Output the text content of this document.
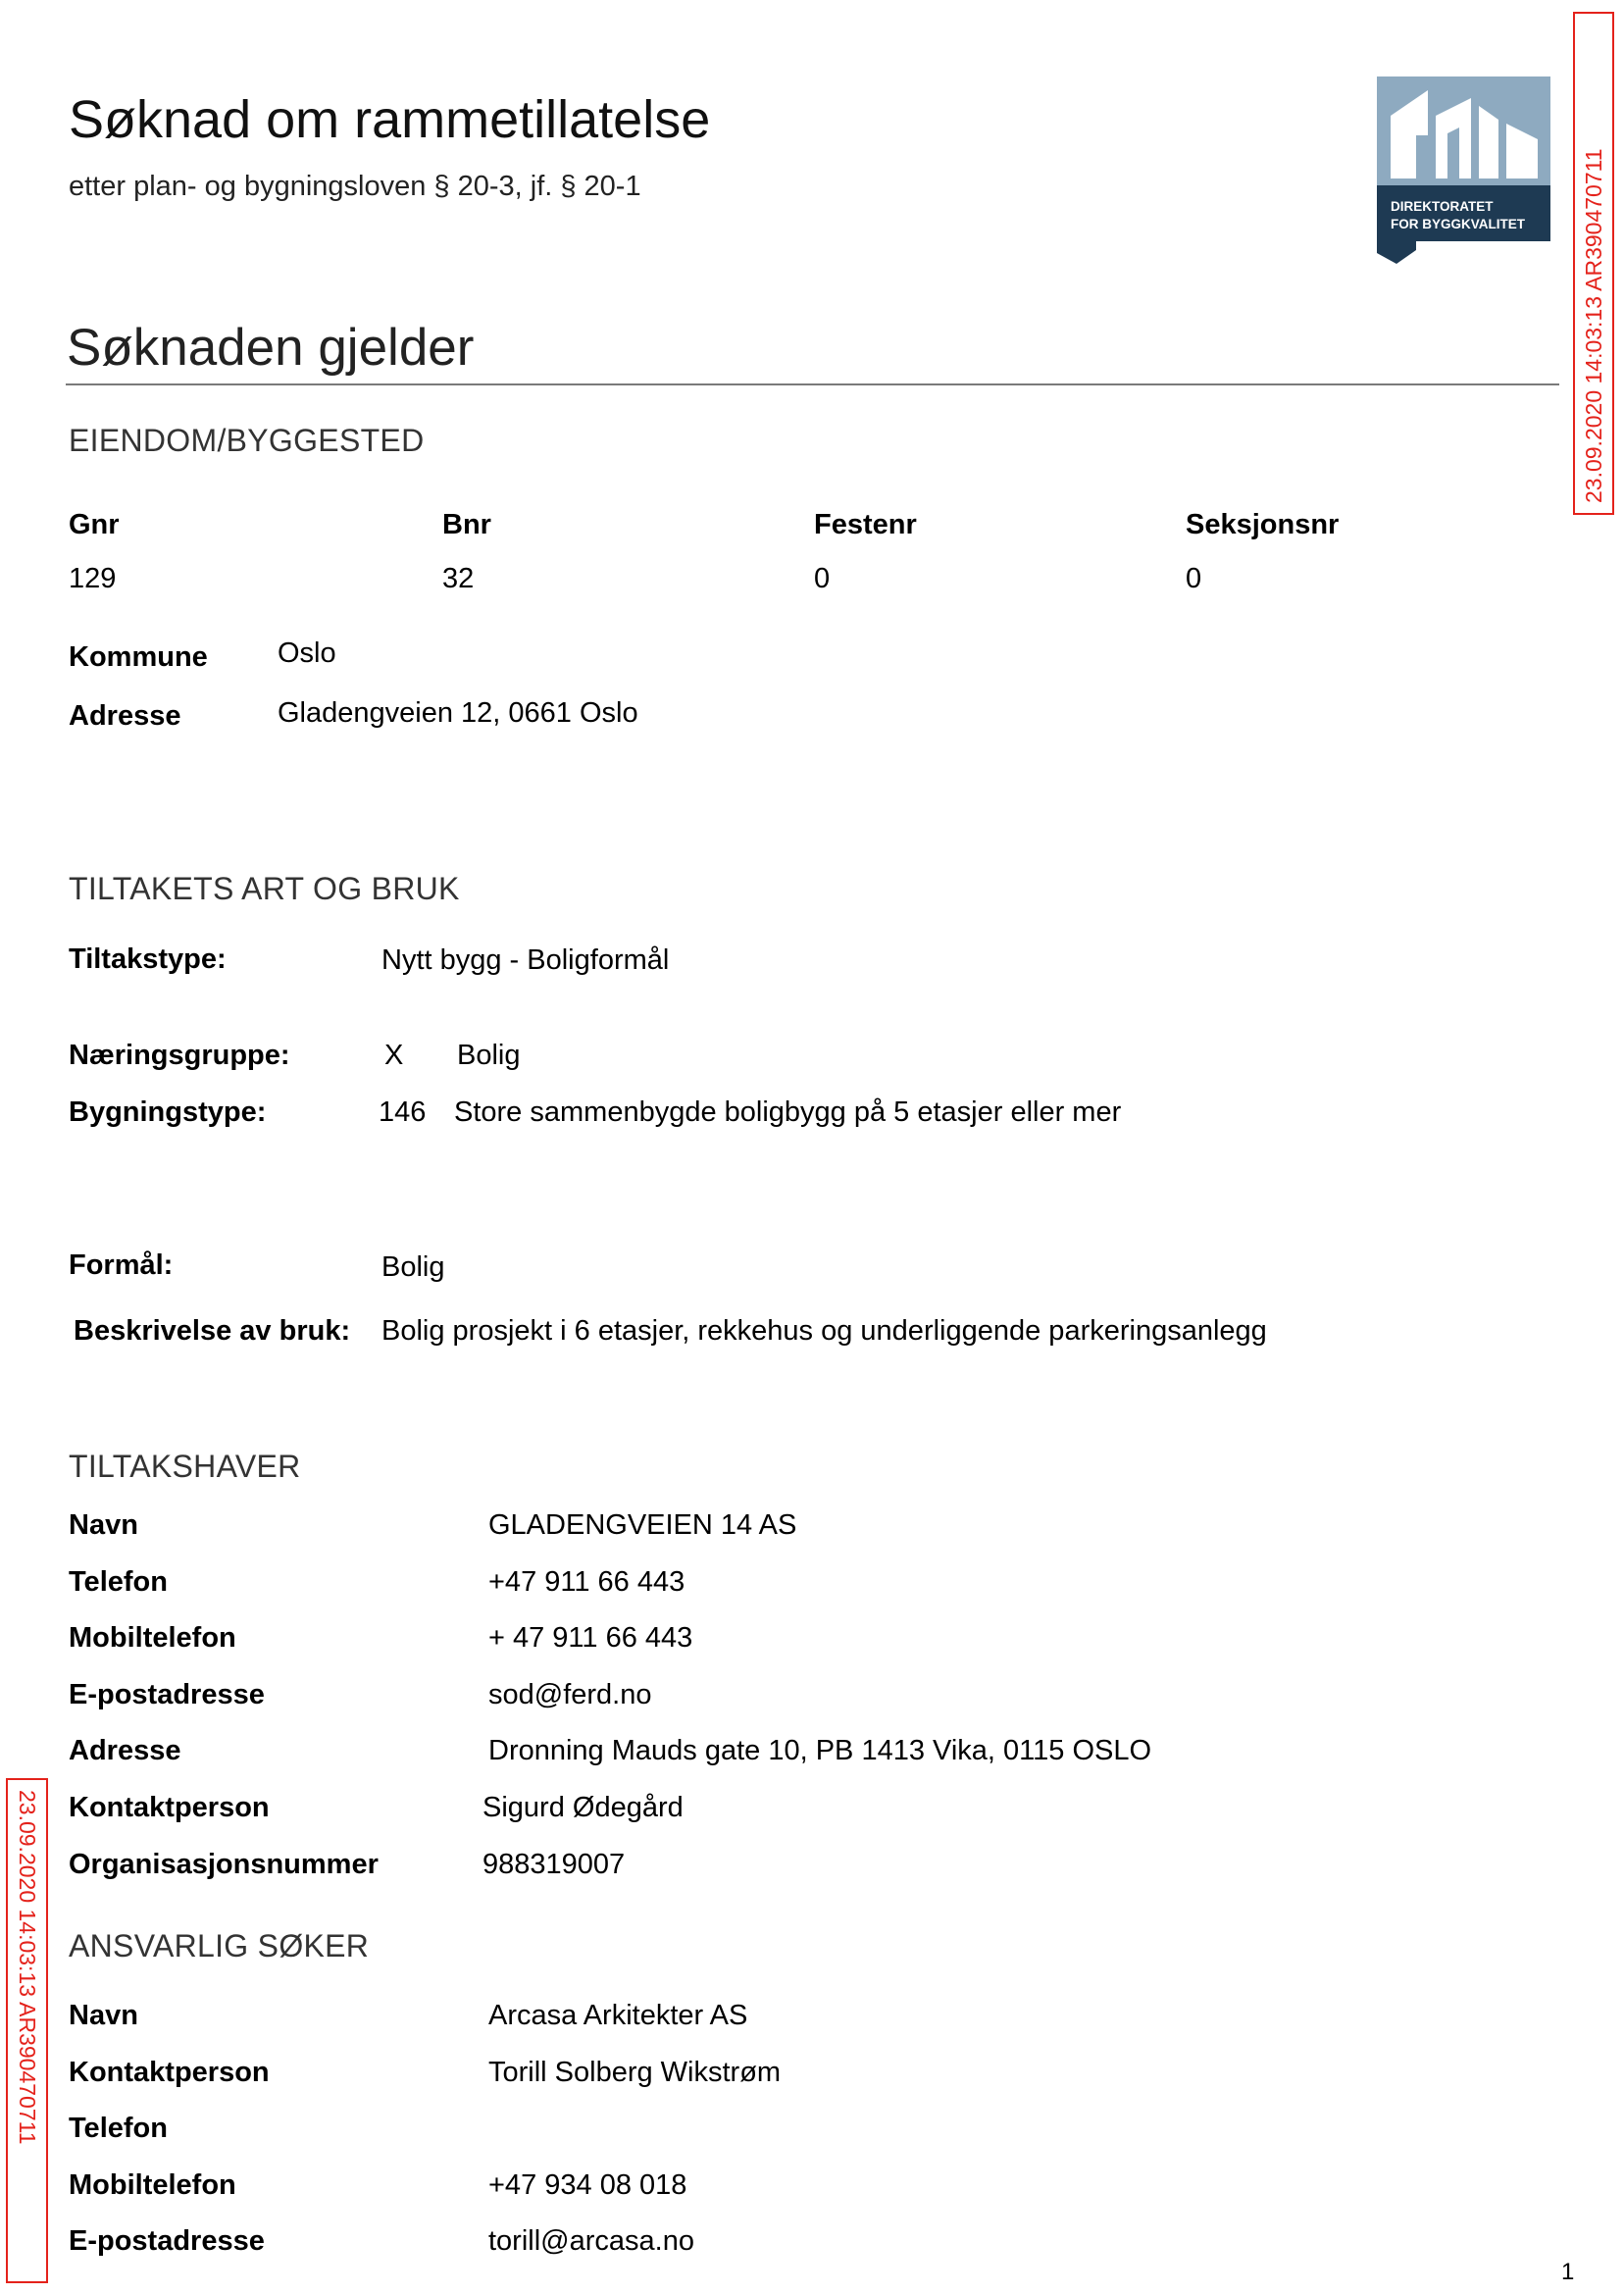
Søknad om rammetillatelse
etter plan- og bygningsloven § 20-3, jf. § 20-1
DIREKTORATET
FOR BYGGKVALITET	23.09.2020 14:03:13 AR390470711
23.09.2020 14:03:13 AR390470711
Søknaden gjelder
EIENDOM/BYGGESTED
Gnr	Bnr	Festenr	Seksjonsnr
129	32	0	0
Kommune Oslo
Adresse	Gladengveien 12, 0661 Oslo
TILTAKETS ART OG BRUK
Tiltakstype:	Nytt bygg - Boligformål
Næringsgruppe:	X Bolig
Bygningstype:	146 Store sammenbygde boligbygg på 5 etasjer eller mer
Formål:	Bolig
Beskrivelse av bruk: Bolig prosjekt i 6 etasjer, rekkehus og underliggende parkeringsanlegg
TILTAKSHAVER
Navn	GLADENGVEIEN 14 AS
Telefon	+47 911 66 443
Mobiltelefon	+ 47 911 66 443
E-postadresse	sod@ferd.no
Adresse	Dronning Mauds gate 10, PB 1413 Vika, 0115 OSLO
Kontaktperson	Sigurd Ødegård
Organisasjonsnummer	988319007
ANSVARLIG SØKER
Navn	Arcasa Arkitekter AS
Kontaktperson	Torill Solberg Wikstrøm
Telefon
Mobiltelefon	+47 934 08 018
E-postadresse	torill@arcasa.no
1
